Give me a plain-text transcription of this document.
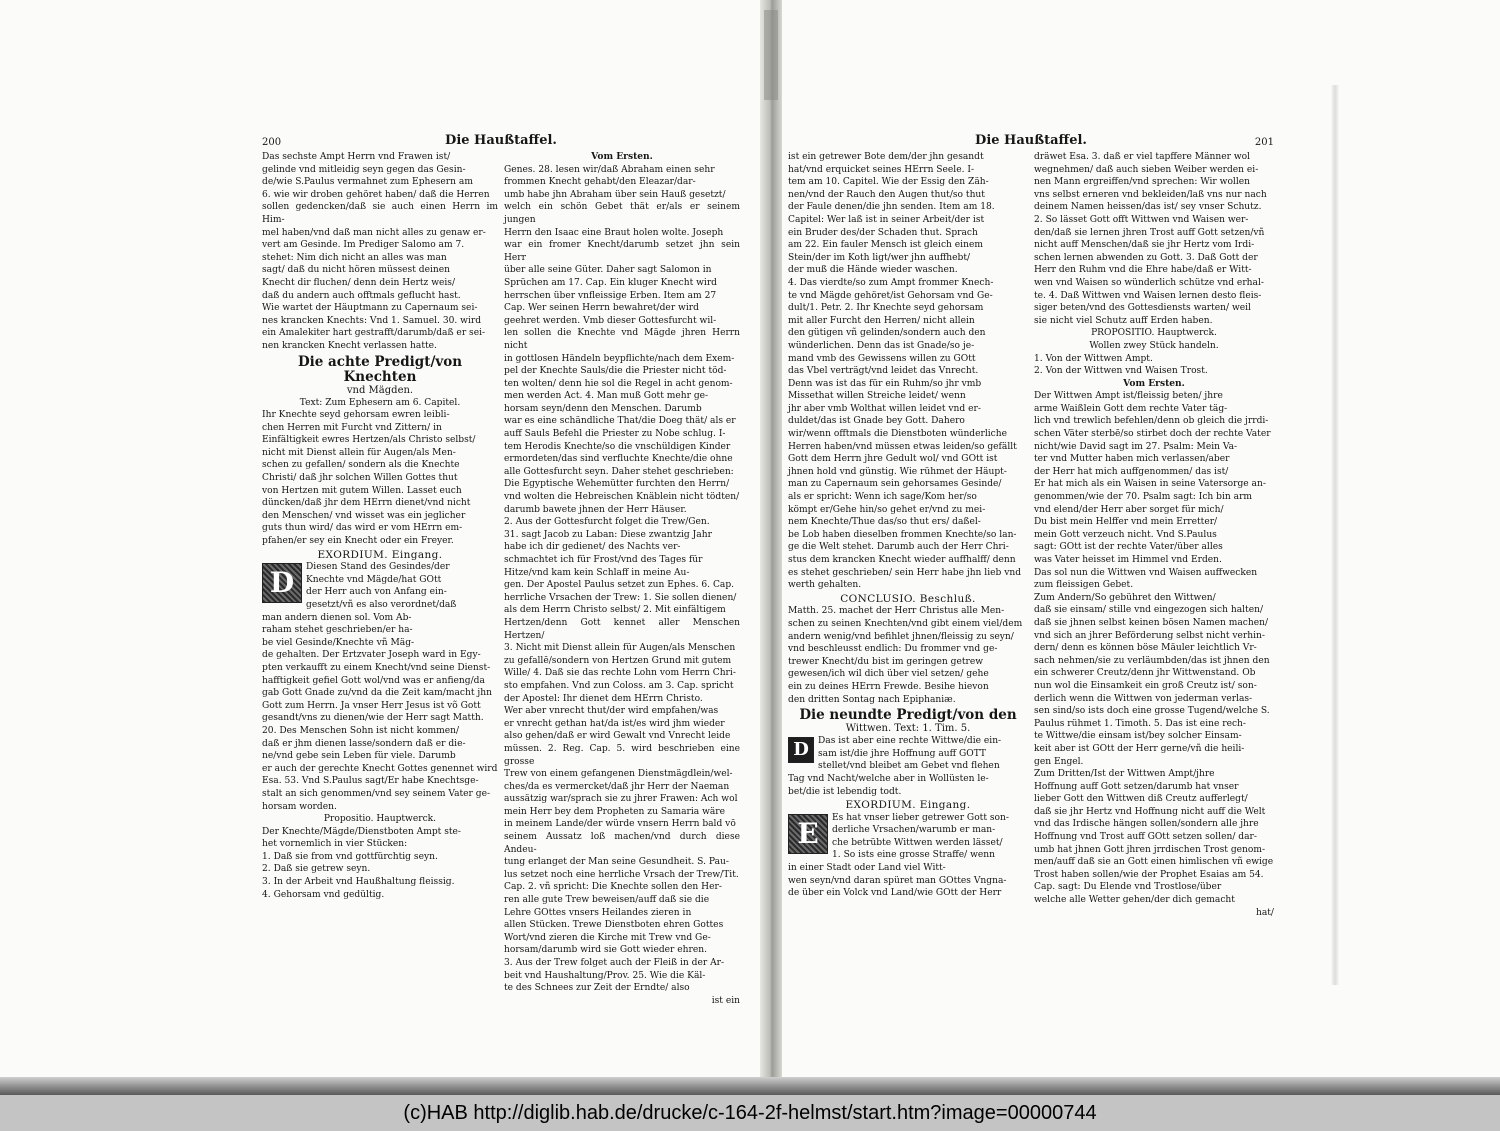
200	Die Haußtaffel.

Das sechste Ampt Herrn vnd Frawen ist/

gelinde vnd mitleidig seyn gegen das Gesin-

de/wie S.Paulus vermahnet zum Ephesern am

6. wie wir droben gehöret haben/ daß die Herren

sollen gedencken/daß sie auch einen Herrn im Him-

mel haben/vnd daß man nicht alles zu genaw er-

vert am Gesinde. Im Prediger Salomo am 7.

stehet: Nim dich nicht an alles was man

sagt/ daß du nicht hören müssest deinen

Knecht dir fluchen/ denn dein Hertz weis/

daß du andern auch offtmals geflucht hast.

Wie wartet der Häuptmann zu Capernaum sei-

nes krancken Knechts: Vnd 1. Samuel. 30. wird

ein Amalekiter hart gestrafft/darumb/daß er sei-

nen krancken Knecht verlassen hatte.

Die achte Predigt/von Knechten

vnd Mägden.

Text: Zum Ephesern am 6. Capitel.

Ihr Knechte seyd gehorsam ewren leibli-

chen Herren mit Furcht vnd Zittern/ in

Einfältigkeit ewres Hertzen/als Christo selbst/

nicht mit Dienst allein für Augen/als Men-

schen zu gefallen/ sondern als die Knechte

Christi/ daß jhr solchen Willen Gottes thut

von Hertzen mit gutem Willen. Lasset euch

düncken/daß jhr dem HErrn dienet/vnd nicht

den Menschen/ vnd wisset was ein jeglicher

guts thun wird/ das wird er vom HErrn em-

pfahen/er sey ein Knecht oder ein Freyer.

EXORDIUM. Eingang.

D	Diesen Stand des Gesindes/der

Knechte vnd Mägde/hat GOtt

der Herr auch von Anfang ein-

gesetzt/vñ es also verordnet/daß

man andern dienen sol. Vom Ab-

raham stehet geschrieben/er ha-

be viel Gesinde/Knechte vñ Mäg-

de gehalten. Der Ertzvater Joseph ward in Egy-

pten verkaufft zu einem Knecht/vnd seine Dienst-

hafftigkeit gefiel Gott wol/vnd was er anfieng/da

gab Gott Gnade zu/vnd da die Zeit kam/macht jhn

Gott zum Herrn. Ja vnser Herr Jesus ist võ Gott

gesandt/vns zu dienen/wie der Herr sagt Matth.

20. Des Menschen Sohn ist nicht kommen/

daß er jhm dienen lasse/sondern daß er die-

ne/vnd gebe sein Leben für viele. Darumb

er auch der gerechte Knecht Gottes genennet wird

Esa. 53. Vnd S.Paulus sagt/Er habe Knechtsge-

stalt an sich genommen/vnd sey seinem Vater ge-

horsam worden.

Propositio. Hauptwerck.

Der Knechte/Mägde/Dienstboten Ampt ste-

het vornemlich in vier Stücken:

1. Daß sie from vnd gottfürchtig seyn.

2. Daß sie getrew seyn.

3. In der Arbeit vnd Haußhaltung fleissig.

4. Gehorsam vnd gedültig.

Vom Ersten.

Genes. 28. lesen wir/daß Abraham einen sehr

frommen Knecht gehabt/den Eleazar/dar-

umb habe jhn Abraham über sein Hauß gesetzt/

welch ein schön Gebet thät er/als er seinem jungen

Herrn den Isaac eine Braut holen wolte. Joseph

war ein fromer Knecht/darumb setzet jhn sein Herr

über alle seine Güter. Daher sagt Salomon in

Sprüchen am 17. Cap. Ein kluger Knecht wird

herrschen über vnfleissige Erben. Item am 27

Cap. Wer seinen Herrn bewahret/der wird

geehret werden. Vmb dieser Gottesfurcht wil-

len sollen die Knechte vnd Mägde jhren Herrn nicht

in gottlosen Händeln beypflichte/nach dem Exem-

pel der Knechte Sauls/die die Priester nicht töd-

ten wolten/ denn hie sol die Regel in acht genom-

men werden Act. 4. Man muß Gott mehr ge-

horsam seyn/denn den Menschen. Darumb

war es eine schändliche That/die Doeg thät/ als er

auff Sauls Befehl die Priester zu Nobe schlug. I-

tem Herodis Knechte/so die vnschüldigen Kinder

ermordeten/das sind verfluchte Knechte/die ohne

alle Gottesfurcht seyn. Daher stehet geschrieben:

Die Egyptische Wehemütter furchten den Herrn/

vnd wolten die Hebreischen Knäblein nicht tödten/

darumb bawete jhnen der Herr Häuser.

2. Aus der Gottesfurcht folget die Trew/Gen.

31. sagt Jacob zu Laban: Diese zwantzig Jahr

habe ich dir gedienet/ des Nachts ver-

schmachtet ich für Frost/vnd des Tages für

Hitze/vnd kam kein Schlaff in meine Au-

gen. Der Apostel Paulus setzet zun Ephes. 6. Cap.

herrliche Vrsachen der Trew: 1. Sie sollen dienen/

als dem Herrn Christo selbst/ 2. Mit einfältigem

Hertzen/denn Gott kennet aller Menschen Hertzen/

3. Nicht mit Dienst allein für Augen/als Menschen

zu gefallē/sondern von Hertzen Grund mit gutem

Wille/ 4. Daß sie das rechte Lohn vom Herrn Chri-

sto empfahen. Vnd zun Coloss. am 3. Cap. spricht

der Apostel: Ihr dienet dem HErrn Christo.

Wer aber vnrecht thut/der wird empfahen/was

er vnrecht gethan hat/da ist/es wird jhm wieder

also gehen/daß er wird Gewalt vnd Vnrecht leide

müssen. 2. Reg. Cap. 5. wird beschrieben eine grosse

Trew von einem gefangenen Dienstmägdlein/wel-

ches/da es vermercket/daß jhr Herr der Naeman

aussätzig war/sprach sie zu jhrer Frawen: Ach wol

mein Herr bey dem Propheten zu Samaria wäre

in meinem Lande/der würde vnsern Herrn bald vō

seinem Aussatz loß machen/vnd durch diese Andeu-

tung erlanget der Man seine Gesundheit. S. Pau-

lus setzet noch eine herrliche Vrsach der Trew/Tit.

Cap. 2. vñ spricht: Die Knechte sollen den Her-

ren alle gute Trew beweisen/auff daß sie die

Lehre GOttes vnsers Heilandes zieren in

allen Stücken. Trewe Dienstboten ehren Gottes

Wort/vnd zieren die Kirche mit Trew vnd Ge-

horsam/darumb wird sie Gott wieder ehren.

3. Aus der Trew folget auch der Fleiß in der Ar-

beit vnd Haushaltung/Prov. 25. Wie die Käl-

te des Schnees zur Zeit der Erndte/ also

ist ein

Die Haußtaffel.	201

ist ein getrewer Bote dem/der jhn gesandt

hat/vnd erquicket seines HErrn Seele. I-

tem am 10. Capitel. Wie der Essig den Zäh-

nen/vnd der Rauch den Augen thut/so thut

der Faule denen/die jhn senden. Item am 18.

Capitel: Wer laß ist in seiner Arbeit/der ist

ein Bruder des/der Schaden thut. Sprach

am 22. Ein fauler Mensch ist gleich einem

Stein/der im Koth ligt/wer jhn auffhebt/

der muß die Hände wieder waschen.

4. Das vierdte/so zum Ampt frommer Knech-

te vnd Mägde gehöret/ist Gehorsam vnd Ge-

dult/1. Petr. 2. Ihr Knechte seyd gehorsam

mit aller Furcht den Herren/ nicht allein

den gütigen vñ gelinden/sondern auch den

wünderlichen. Denn das ist Gnade/so je-

mand vmb des Gewissens willen zu GOtt

das Vbel verträgt/vnd leidet das Vnrecht.

Denn was ist das für ein Ruhm/so jhr vmb

Missethat willen Streiche leidet/ wenn

jhr aber vmb Wolthat willen leidet vnd er-

duldet/das ist Gnade bey Gott. Dahero

wir/wenn offtmals die Dienstboten wünderliche

Herren haben/vnd müssen etwas leiden/so gefällt

Gott dem Herrn jhre Gedult wol/ vnd GOtt ist

jhnen hold vnd günstig. Wie rühmet der Häupt-

man zu Capernaum sein gehorsames Gesinde/

als er spricht: Wenn ich sage/Kom her/so

kömpt er/Gehe hin/so gehet er/vnd zu mei-

nem Knechte/Thue das/so thut ers/ daßel-

be Lob haben dieselben frommen Knechte/so lan-

ge die Welt stehet. Darumb auch der Herr Chri-

stus dem krancken Knecht wieder auffhalff/ denn

es stehet geschrieben/ sein Herr habe jhn lieb vnd

werth gehalten.

CONCLUSIO. Beschluß.

Matth. 25. machet der Herr Christus alle Men-

schen zu seinen Knechten/vnd gibt einem viel/dem

andern wenig/vnd befihlet jhnen/fleissig zu seyn/

vnd beschleusst endlich: Du frommer vnd ge-

trewer Knecht/du bist im geringen getrew

gewesen/ich wil dich über viel setzen/ gehe

ein zu deines HErrn Frewde. Besihe hievon

den dritten Sontag nach Epiphaniæ.

Die neundte Predigt/von den

Wittwen. Text: 1. Tim. 5.

D	Das ist aber eine rechte Wittwe/die ein-

sam ist/die jhre Hoffnung auff GOTT

stellet/vnd bleibet am Gebet vnd flehen

Tag vnd Nacht/welche aber in Wollüsten le-

bet/die ist lebendig todt.

EXORDIUM. Eingang.

E	Es hat vnser lieber getrewer Gott son-

derliche Vrsachen/warumb er man-

che betrübte Wittwen werden lässet/

1. So ists eine grosse Straffe/ wenn

in einer Stadt oder Land viel Witt-

wen seyn/vnd daran spüret man GOttes Vngna-

de über ein Volck vnd Land/wie GOtt der Herr

dräwet Esa. 3. daß er viel tapffere Männer wol

wegnehmen/ daß auch sieben Weiber werden ei-

nen Mann ergreiffen/vnd sprechen: Wir wollen

vns selbst erneren vnd bekleiden/laß vns nur nach

deinem Namen heissen/das ist/ sey vnser Schutz.

2. So lässet Gott offt Wittwen vnd Waisen wer-

den/daß sie lernen jhren Trost auff Gott setzen/vñ

nicht auff Menschen/daß sie jhr Hertz vom Irdi-

schen lernen abwenden zu Gott. 3. Daß Gott der

Herr den Ruhm vnd die Ehre habe/daß er Witt-

wen vnd Waisen so wünderlich schütze vnd erhal-

te. 4. Daß Wittwen vnd Waisen lernen desto fleis-

siger beten/vnd des Gottesdiensts warten/ weil

sie nicht viel Schutz auff Erden haben.

PROPOSITIO. Hauptwerck.

Wollen zwey Stück handeln.

1. Von der Wittwen Ampt.

2. Von der Wittwen vnd Waisen Trost.

Vom Ersten.

Der Wittwen Ampt ist/fleissig beten/ jhre

arme Waißlein Gott dem rechte Vater täg-

lich vnd trewlich befehlen/denn ob gleich die jrrdi-

schen Väter sterbē/so stirbet doch der rechte Vater

nicht/wie David sagt im 27. Psalm: Mein Va-

ter vnd Mutter haben mich verlassen/aber

der Herr hat mich auffgenommen/ das ist/

Er hat mich als ein Waisen in seine Vatersorge an-

genommen/wie der 70. Psalm sagt: Ich bin arm

vnd elend/der Herr aber sorget für mich/

Du bist mein Helffer vnd mein Erretter/

mein Gott verzeuch nicht. Vnd S.Paulus

sagt: GOtt ist der rechte Vater/über alles

was Vater heisset im Himmel vnd Erden.

Das sol nun die Wittwen vnd Waisen auffwecken

zum fleissigen Gebet.

Zum Andern/So gebühret den Wittwen/

daß sie einsam/ stille vnd eingezogen sich halten/

daß sie jhnen selbst keinen bösen Namen machen/

vnd sich an jhrer Beförderung selbst nicht verhin-

dern/ denn es können böse Mäuler leichtlich Vr-

sach nehmen/sie zu verläumbden/das ist jhnen den

ein schwerer Creutz/denn jhr Wittwenstand. Ob

nun wol die Einsamkeit ein groß Creutz ist/ son-

derlich wenn die Wittwen von jederman verlas-

sen sind/so ists doch eine grosse Tugend/welche S.

Paulus rühmet 1. Timoth. 5. Das ist eine rech-

te Wittwe/die einsam ist/bey solcher Einsam-

keit aber ist GOtt der Herr gerne/vñ die heili-

gen Engel.

Zum Dritten/Ist der Wittwen Ampt/jhre

Hoffnung auff Gott setzen/darumb hat vnser

lieber Gott den Wittwen diß Creutz aufferlegt/

daß sie jhr Hertz vnd Hoffnung nicht auff die Welt

vnd das Irdische hängen sollen/sondern alle jhre

Hoffnung vnd Trost auff GOtt setzen sollen/ dar-

umb hat jhnen Gott jhren jrrdischen Trost genom-

men/auff daß sie an Gott einen himlischen vñ ewige

Trost haben sollen/wie der Prophet Esaias am 54.

Cap. sagt: Du Elende vnd Trostlose/über

welche alle Wetter gehen/der dich gemacht

hat/

(c)HAB http://diglib.hab.de/drucke/c-164-2f-helmst/start.htm?image=00000744
